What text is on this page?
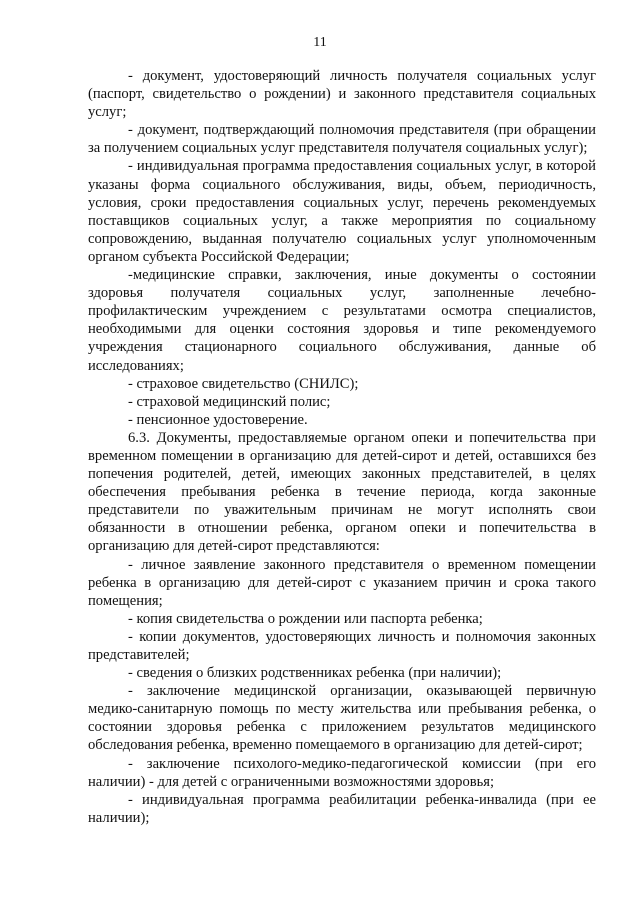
11

- документ, удостоверяющий личность получателя социальных услуг (паспорт, свидетельство о рождении) и законного представителя социальных услуг;

- документ, подтверждающий полномочия представителя (при обращении за получением социальных услуг представителя получателя социальных услуг);

- индивидуальная программа предоставления социальных услуг, в которой указаны форма социального обслуживания, виды, объем, периодичность, условия, сроки предоставления социальных услуг, перечень рекомендуемых поставщиков социальных услуг, а также мероприятия по социальному сопровождению, выданная получателю социальных услуг уполномоченным органом субъекта Российской Федерации;

-медицинские справки, заключения, иные документы о состоянии здоровья получателя социальных услуг, заполненные лечебно-профилактическим учреждением с результатами осмотра специалистов, необходимыми для оценки состояния здоровья и типе рекомендуемого учреждения стационарного социального обслуживания, данные об исследованиях;

- страховое свидетельство (СНИЛС);

- страховой медицинский полис;

- пенсионное удостоверение.

6.3. Документы, предоставляемые органом опеки и попечительства при временном помещении в организацию для детей-сирот и детей, оставшихся без попечения родителей, детей, имеющих законных представителей, в целях обеспечения пребывания ребенка в течение периода, когда законные представители по уважительным причинам не могут исполнять свои обязанности в отношении ребенка, органом опеки и попечительства в организацию для детей-сирот представляются:

- личное заявление законного представителя о временном помещении ребенка в организацию для детей-сирот с указанием причин и срока такого помещения;

- копия свидетельства о рождении или паспорта ребенка;

- копии документов, удостоверяющих личность и полномочия законных представителей;

- сведения о близких родственниках ребенка (при наличии);

- заключение медицинской организации, оказывающей первичную медико-санитарную помощь по месту жительства или пребывания ребенка, о состоянии здоровья ребенка с приложением результатов медицинского обследования ребенка, временно помещаемого в организацию для детей-сирот;

- заключение психолого-медико-педагогической комиссии (при его наличии) - для детей с ограниченными возможностями здоровья;

- индивидуальная программа реабилитации ребенка-инвалида (при ее наличии);
